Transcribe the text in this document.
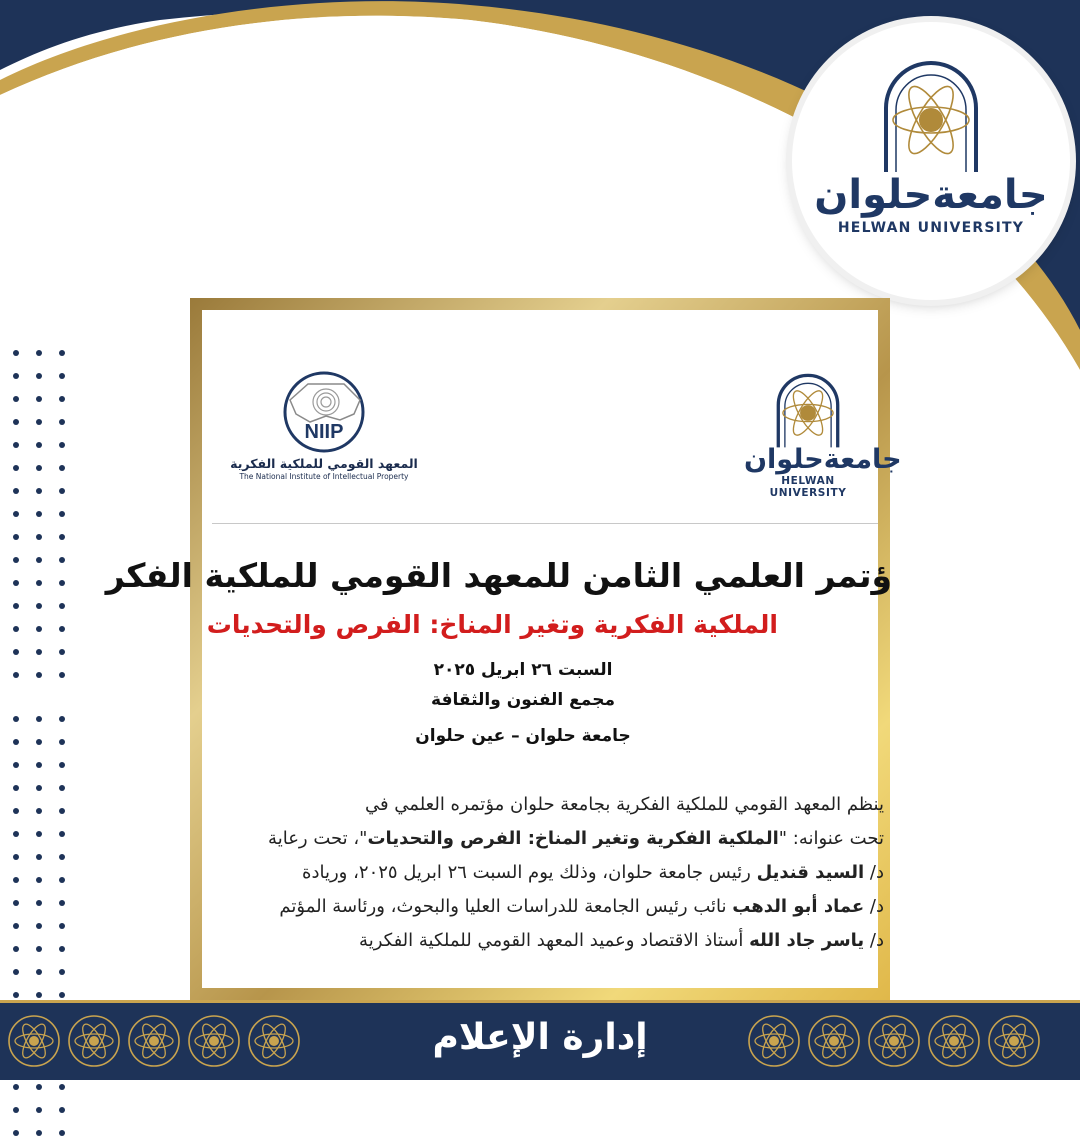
جامعةحلوان
HELWAN UNIVERSITY
NIIP
المعهد القومي للملكية الفكرية
The National Institute of Intellectual Property
جامعةحلوان
HELWAN UNIVERSITY
ؤتمر العلمي الثامن للمعهد القومي للملكية الفكر
الملكية الفكرية وتغير المناخ: الفرص والتحديات
السبت ٢٦ ابريل ٢٠٢٥
مجمع الفنون والثقافة
جامعة حلوان – عين حلوان
ينظم المعهد القومي للملكية الفكرية بجامعة حلوان مؤتمره العلمي في
تحت عنوانه: "الملكية الفكرية وتغير المناخ: الفرص والتحديات"، تحت رعاية
د/ السيد قنديل رئيس جامعة حلوان، وذلك يوم السبت ٢٦ ابريل ٢٠٢٥، وريادة
د/ عماد أبو الدهب نائب رئيس الجامعة للدراسات العليا والبحوث، ورئاسة المؤتم
د/ ياسر جاد الله أستاذ الاقتصاد وعميد المعهد القومي للملكية الفكرية
إدارة الإعلام
